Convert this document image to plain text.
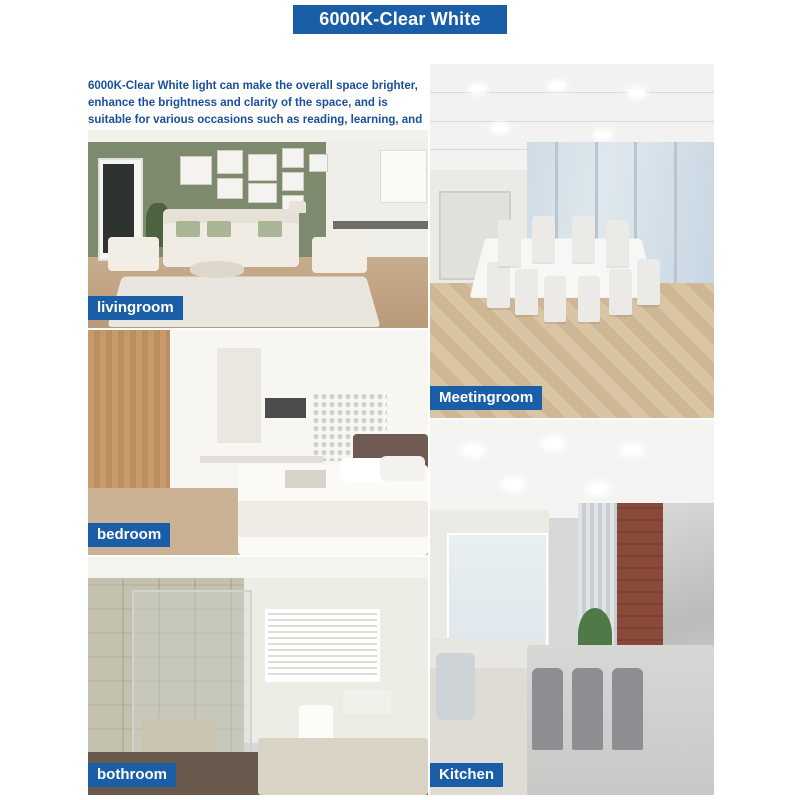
6000K-Clear White

6000K-Clear White light can make the overall space brighter, enhance the brightness and clarity of the space, and is suitable for various occasions such as reading, learning, and

livingroom
bedroom
bothroom
Meetingroom
Kitchen
